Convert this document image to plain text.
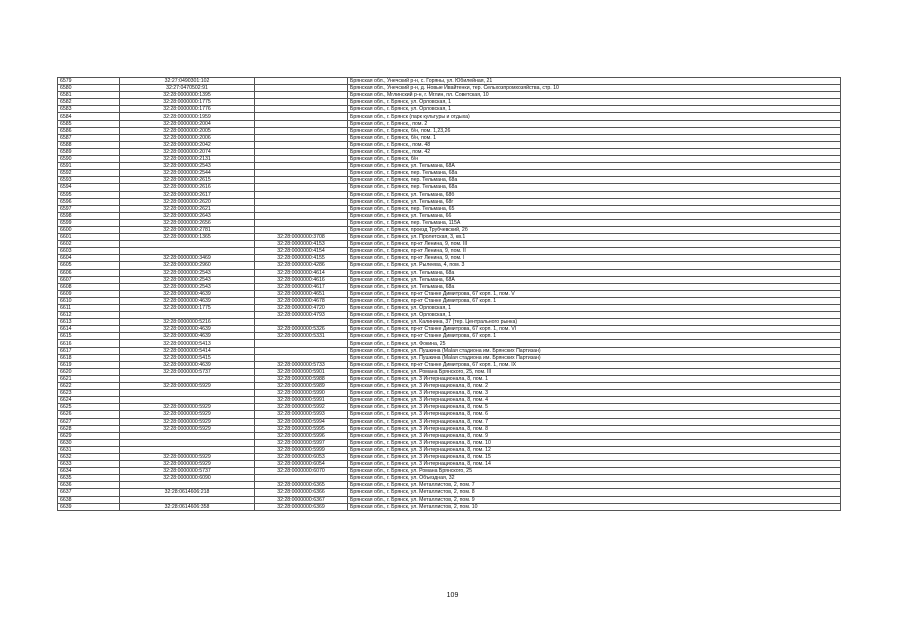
6579	32:27:0490301:102		Брянская обл., Унечский р-н, с. Горяны, ул. Юбилейная, 21
6580	32:27:0470502:91		Брянская обл., Унечский р-н, д. Новые Ивайтенки, тер. Сельхозпромхозяйства, стр. 10
6581	32:28:0000000:1395		Брянская обл., Мглинский р-н, г. Мглин, пл. Советская, 10
6582	32:28:0000000:1775		Брянская обл., г. Брянск, ул. Орловская, 1
6583	32:28:0000000:1776		Брянская обл., г. Брянск, ул. Орловская, 1
6584	32:28:0000000:1959		Брянская обл., г. Брянск (парк культуры и отдыха)
6585	32:28:0000000:2004		Брянская обл., г. Брянск,, пом. 2
6586	32:28:0000000:2005		Брянская обл., г. Брянск, б/н, пом. 1,23,26
6587	32:28:0000000:2006		Брянская обл., г. Брянск, б/н, пом. 1
6588	32:28:0000000:2042		Брянская обл., г. Брянск,, пом. 48
6589	32:28:0000000:2074		Брянская обл., г. Брянск,, пом. 42
6590	32:28:0000000:2131		Брянская обл., г. Брянск, б/н
6591	32:28:0000000:2543		Брянская обл., г. Брянск, ул. Тельмана, 68А
6592	32:28:0000000:2544		Брянская обл., г. Брянск, пер. Тельмана, 68а
6593	32:28:0000000:2615		Брянская обл., г. Брянск, пер. Тельмана, 68а
6594	32:28:0000000:2616		Брянская обл., г. Брянск, пер. Тельмана, 68а
6595	32:28:0000000:2617		Брянская обл., г. Брянск, ул. Тельмана, 68б
6596	32:28:0000000:2620		Брянская обл., г. Брянск, ул. Тельмана, 68г
6597	32:28:0000000:2621		Брянская обл., г. Брянск, пер. Тельмана, 65
6598	32:28:0000000:2643		Брянская обл., г. Брянск, ул. Тельмана, 66
6599	32:28:0000000:2656		Брянская обл., г. Брянск, пер. Тельмана, 115А
6600	32:28:0000000:2781		Брянская обл., г. Брянск, проезд Трубчевский, 2б
6601	32:28:0000000:1365	32:28:0000000:3708	Брянская обл., г. Брянск, ул. Пролетская, 3, кв.1
6602		32:28:0000000:4153	Брянская обл., г. Брянск, пр-кт Ленина, 9, пом. III
6603		32:28:0000000:4154	Брянская обл., г. Брянск, пр-кт Ленина, 9, пом. II
6604	32:28:0000000:3469	32:28:0000000:4155	Брянская обл., г. Брянск, пр-кт Ленина, 9, пом. I
6605	32:28:0000000:2960	32:28:0000000:4286	Брянская обл., г. Брянск, ул. Рылеева, 4, пом. 3
6606	32:28:0000000:2543	32:28:0000000:4614	Брянская обл., г. Брянск, ул. Тельмана, 68а
6607	32:28:0000000:2543	32:28:0000000:4616	Брянская обл., г. Брянск, ул. Тельмана, 68А
6608	32:28:0000000:2543	32:28:0000000:4617	Брянская обл., г. Брянск, ул. Тельмана, 68а
6609	32:28:0000000:4639	32:28:0000000:4651	Брянская обл., г. Брянск, пр-кт Станке Димитрова, 67 корп. 1, пом. V
6610	32:28:0000000:4639	32:28:0000000:4678	Брянская обл., г. Брянск, пр-кт Станке Димитрова, 67 корп. 1
6611	32:28:0000000:1775	32:28:0000000:4720	Брянская обл., г. Брянск, ул. Орловская, 1
6612		32:28:0000000:4793	Брянская обл., г. Брянск, ул. Орловская, 1
6613	32:28:0000000:5216		Брянская обл., г. Брянск, ул. Калинина, 37 (тер. Центрального рынка)
6614	32:28:0000000:4639	32:28:0000000:5326	Брянская обл., г. Брянск, пр-кт Станке Димитрова, 67 корп. 1, пом. VI
6615	32:28:0000000:4639	32:28:0000000:5331	Брянская обл., г. Брянск, пр-кт Станке Димитрова, 67 корп. 1
6616	32:28:0000000:5413		Брянская обл., г. Брянск, ул. Фокина, 25
6617	32:28:0000000:5414		Брянская обл., г. Брянск, ул. Пушкина (Malая стадиона им. Брянских Партизан)
6618	32:28:0000000:5415		Брянская обл., г. Брянск, ул. Пушкина (Malая стадиона им. Брянских Партизан)
6619	32:28:0000000:4639	32:28:0000000:5733	Брянская обл., г. Брянск, пр-кт Станке Димитрова, 67 корп. 1, пом. IX
6620	32:28:0000000:5737	32:28:0000000:5901	Брянская обл., г. Брянск, ул. Романа Брянского, 25, пом. III
6621		32:28:0000000:5988	Брянская обл., г. Брянск, ул. 3 Интернационала, 8, пом. 1
6622	32:28:0000000:5929	32:28:0000000:5989	Брянская обл., г. Брянск, ул. 3 Интернационала, 8, пом. 2
6623		32:28:0000000:5990	Брянская обл., г. Брянск, ул. 3 Интернационала, 8, пом. 3
6624		32:28:0000000:5991	Брянская обл., г. Брянск, ул. 3 Интернационала, 8, пом. 4
6625	32:28:0000000:5929	32:28:0000000:5992	Брянская обл., г. Брянск, ул. 3 Интернационала, 8, пом. 5
6626	32:28:0000000:5929	32:28:0000000:5993	Брянская обл., г. Брянск, ул. 3 Интернационала, 8, пом. 6
6627	32:28:0000000:5929	32:28:0000000:5994	Брянская обл., г. Брянск, ул. 3 Интернационала, 8, пом. 7
6628	32:28:0000000:5929	32:28:0000000:5995	Брянская обл., г. Брянск, ул. 3 Интернационала, 8, пом. 8
6629		32:28:0000000:5996	Брянская обл., г. Брянск, ул. 3 Интернационала, 8, пом. 9
6630		32:28:0000000:5997	Брянская обл., г. Брянск, ул. 3 Интернационала, 8, пом. 10
6631		32:28:0000000:5999	Брянская обл., г. Брянск, ул. 3 Интернационала, 8, пом. 12
6632	32:28:0000000:5929	32:28:0000000:6053	Брянская обл., г. Брянск, ул. 3 Интернационала, 8, пом. 15
6633	32:28:0000000:5929	32:28:0000000:6054	Брянская обл., г. Брянск, ул. 3 Интернационала, 8, пом. 14
6634	32:28:0000000:5737	32:28:0000000:6070	Брянская обл., г. Брянск, ул. Романа Брянского, 25
6635	32:28:0000000:6090		Брянская обл., г. Брянск, ул. Объездная, 32
6636		32:28:0000000:6365	Брянская обл., г. Брянск, ул. Металлистов, 2, пом. 7
6637	32:28:0614606:218	32:28:0000000:6366	Брянская обл., г. Брянск, ул. Металлистов, 2, пом. 8
6638		32:28:0000000:6367	Брянская обл., г. Брянск, ул. Металлистов, 2, пом. 9
6639	32:28:0614606:358	32:28:0000000:6369	Брянская обл., г. Брянск, ул. Металлистов, 2, пом. 10
109
